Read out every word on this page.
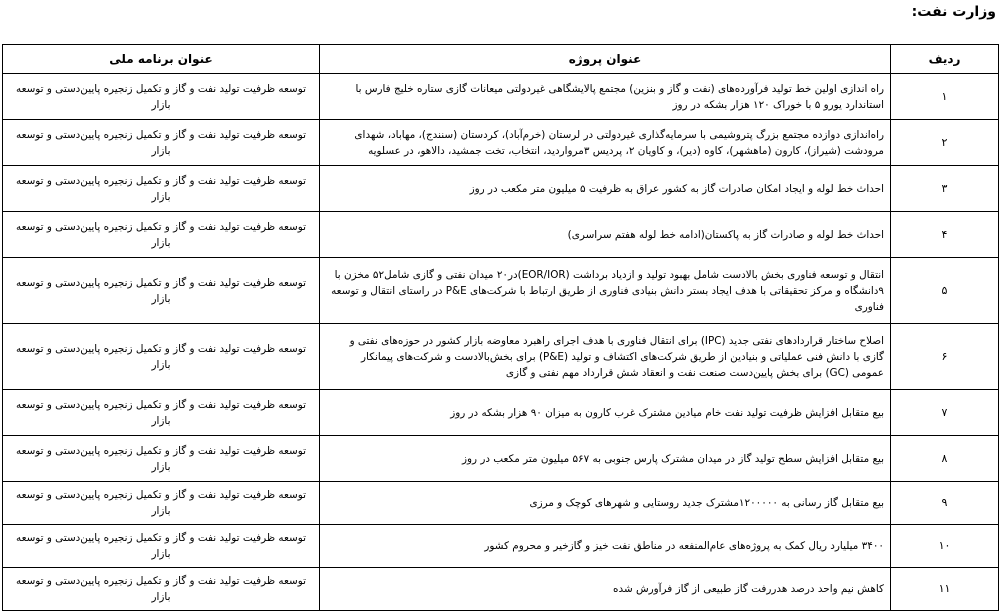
وزارت نفت:
ردیف	عنوان پروژه	عنوان برنامه ملی
۱	راه اندازی اولین خط تولید فرآورده‌های (نفت و گاز و بنزین) مجتمع پالایشگاهی غیردولتی میعانات گازی ستاره خلیج فارس با استاندارد یورو ۵ با خوراک ۱۲۰ هزار بشکه در روز	توسعه ظرفیت تولید نفت و گاز و تکمیل زنجیره پایین‌دستی و توسعه بازار
۲	راه‌اندازی دوازده مجتمع بزرگ پتروشیمی با سرمایه‌گذاری غیردولتی در لرستان (خرم‌آباد)، کردستان (سنندج)، مهاباد، شهدای مرودشت (شیراز)، کارون (ماهشهر)، کاوه (دیر)، و کاویان ۲، پردیس ۳مرواردید، انتخاب، تخت جمشید، دالاهو، در عسلویه	توسعه ظرفیت تولید نفت و گاز و تکمیل زنجیره پایین‌دستی و توسعه بازار
۳	احداث خط لوله و ایجاد امکان صادرات گاز به کشور عراق به ظرفیت ۵ میلیون متر مکعب در روز	توسعه ظرفیت تولید نفت و گاز و تکمیل زنجیره پایین‌دستی و توسعه بازار
۴	احداث خط لوله و صادرات گاز به پاکستان(ادامه خط لوله هفتم سراسری)	توسعه ظرفیت تولید نفت و گاز و تکمیل زنجیره پایین‌دستی و توسعه بازار
۵	انتقال و توسعه فناوری بخش بالادست شامل بهبود تولید و ازدیاد برداشت (EOR/IOR)در۲۰ میدان نفتی و گازی شامل۵۲ مخزن با ۹دانشگاه و مرکز تحقیقاتی با هدف ایجاد بستر دانش بنیادی فناوری از طریق ارتباط با شرکت‌های P&E در راستای انتقال و توسعه فناوری	توسعه ظرفیت تولید نفت و گاز و تکمیل زنجیره پایین‌دستی و توسعه بازار
۶	اصلاح ساختار قراردادهای نفتی جدید (IPC) برای انتقال فناوری با هدف اجرای راهبرد معاوضه بازار کشور در حوزه‌های نفتی و گازی با دانش فنی عملیاتی و بنیادین از طریق شرکت‌های اکتشاف و تولید (P&E) برای بخش‌بالادست و شرکت‌های پیمانکار عمومی (GC) برای بخش پایین‌دست صنعت نفت و انعقاد شش قرارداد مهم نفتی و گازی	توسعه ظرفیت تولید نفت و گاز و تکمیل زنجیره پایین‌دستی و توسعه بازار
۷	بیع متقابل افزایش ظرفیت تولید نفت خام میادین مشترک غرب کارون به میزان ۹۰ هزار بشکه در روز	توسعه ظرفیت تولید نفت و گاز و تکمیل زنجیره پایین‌دستی و توسعه بازار
۸	بیع متقابل افزایش سطح تولید گاز در میدان مشترک پارس جنوبی به ۵۶۷ میلیون متر مکعب در روز	توسعه ظرفیت تولید نفت و گاز و تکمیل زنجیره پایین‌دستی و توسعه بازار
۹	بیع متقابل گاز رسانی به ۱۲۰۰۰۰۰مشترک جدید روستایی و شهرهای کوچک و مرزی	توسعه ظرفیت تولید نفت و گاز و تکمیل زنجیره پایین‌دستی و توسعه بازار
۱۰	۳۴۰۰ میلیارد ریال کمک به پروژه‌های عام‌المنفعه در مناطق نفت خیز و گازخیر و محروم کشور	توسعه ظرفیت تولید نفت و گاز و تکمیل زنجیره پایین‌دستی و توسعه بازار
۱۱	کاهش نیم واحد درصد هدررفت گاز طبیعی از گاز فرآورش شده	توسعه ظرفیت تولید نفت و گاز و تکمیل زنجیره پایین‌دستی و توسعه بازار
